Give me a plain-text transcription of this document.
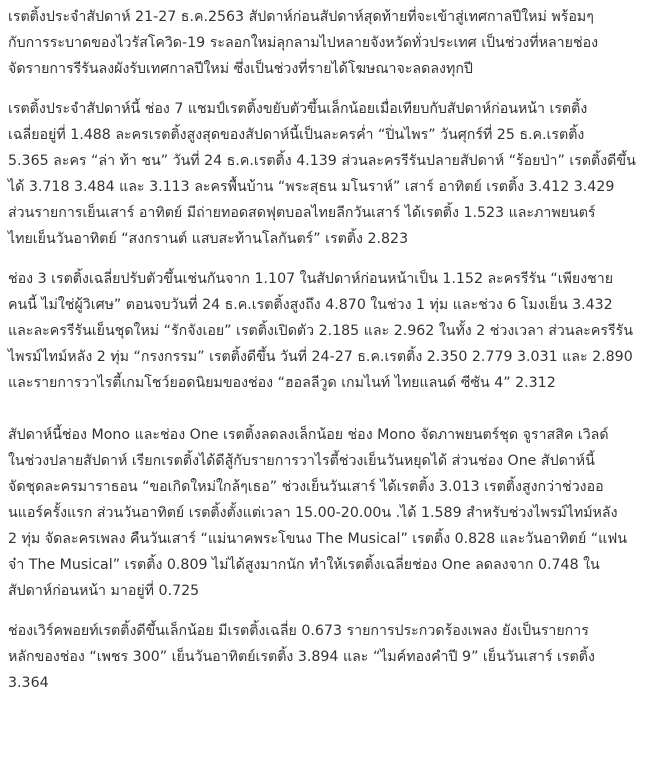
เรตติ้งประจำสัปดาห์ 21-27 ธ.ค.2563 สัปดาห์ก่อนสัปดาห์สุดท้ายที่จะเข้าสู่เทศกาลปีใหม่ พร้อมๆ
กับการระบาดของไวรัสโควิด-19 ระลอกใหม่ลุกลามไปหลายจังหวัดทั่วประเทศ เป็นช่วงที่หลายช่อง
จัดรายการรีรันลงผังรับเทศกาลปีใหม่ ซึ่งเป็นช่วงที่รายได้โฆษณาจะลดลงทุกปี
เรตติ้งประจำสัปดาห์นี้ ช่อง 7 แชมป์เรตติ้งขยับตัวขึ้นเล็กน้อยเมื่อเทียบกับสัปดาห์ก่อนหน้า เรตติ้ง
เฉลี่ยอยู่ที่ 1.488 ละครเรตติ้งสูงสุดของสัปดาห์นี้เป็นละครค่ำ “ปิ่นไพร” วันศุกร์ที่ 25 ธ.ค.เรตติ้ง
5.365 ละคร “ล่า ท้า ชน” วันที่ 24 ธ.ค.เรตติ้ง 4.139 ส่วนละครรีรันปลายสัปดาห์ “ร้อยป่า” เรตติ้งดีขึ้น
ได้ 3.718 3.484 และ 3.113 ละครพื้นบ้าน “พระสุธน มโนราห์” เสาร์ อาทิตย์ เรตติ้ง 3.412 3.429
ส่วนรายการเย็นเสาร์ อาทิตย์ มีถ่ายทอดสดฟุตบอลไทยลีกวันเสาร์ ได้เรตติ้ง 1.523 และภาพยนตร์
ไทยเย็นวันอาทิตย์ “สงกรานต์ แสบสะท้านโลกันตร์” เรตติ้ง 2.823
ช่อง 3 เรตติ้งเฉลี่ยปรับตัวขึ้นเช่นกันจาก 1.107 ในสัปดาห์ก่อนหน้าเป็น 1.152 ละครรีรัน “เพียงชาย
คนนี้ ไม่ใช่ผู้วิเศษ” ตอนจบวันที่ 24 ธ.ค.เรตติ้งสูงถึง 4.870 ในช่วง 1 ทุ่ม และช่วง 6 โมงเย็น 3.432
และละครรีรันเย็นชุดใหม่ “รักจังเอย” เรตติ้งเปิดตัว 2.185 และ 2.962 ในทั้ง 2 ช่วงเวลา ส่วนละครรีรัน
ไพรม์ไทม์หลัง 2 ทุ่ม “กรงกรรม” เรตติ้งดีขึ้น วันที่ 24-27 ธ.ค.เรตติ้ง 2.350 2.779 3.031 และ 2.890
และรายการวาไรตี้เกมโชว์ยอดนิยมของช่อง “ฮอลลีวูด เกมไนท์ ไทยแลนด์ ซีซัน 4” 2.312
สัปดาห์นี้ช่อง Mono และช่อง One เรตติ้งลดลงเล็กน้อย ช่อง Mono จัดภาพยนตร์ชุด จูราสสิค เวิลด์
ในช่วงปลายสัปดาห์ เรียกเรตติ้งได้ดีสู้กับรายการวาไรตี้ช่วงเย็นวันหยุดได้ ส่วนช่อง One สัปดาห์นี้
จัดชุดละครมาราธอน “ขอเกิดใหม่ใกล้ๆเธอ” ช่วงเย็นวันเสาร์ ได้เรตติ้ง 3.013 เรตติ้งสูงกว่าช่วงออ
นแอร์ครั้งแรก ส่วนวันอาทิตย์ เรตติ้งตั้งแต่เวลา 15.00-20.00น .ได้ 1.589 สำหรับช่วงไพรม์ไทม์หลัง
2 ทุ่ม จัดละครเพลง คืนวันเสาร์ “แม่นาคพระโขนง The Musical” เรตติ้ง 0.828 และวันอาทิตย์ “แฟน
จ๋า The Musical” เรตติ้ง 0.809 ไม่ได้สูงมากนัก ทำให้เรตติ้งเฉลี่ยช่อง One ลดลงจาก 0.748 ใน
สัปดาห์ก่อนหน้า มาอยู่ที่ 0.725
ช่องเวิร์คพอยท์เรตติ้งดีขึ้นเล็กน้อย มีเรตติ้งเฉลี่ย 0.673 รายการประกวดร้องเพลง ยังเป็นรายการ
หลักของช่อง “เพชร 300” เย็นวันอาทิตย์เรตติ้ง 3.894 และ “ไมค์ทองคำปี 9” เย็นวันเสาร์ เรตติ้ง
3.364
